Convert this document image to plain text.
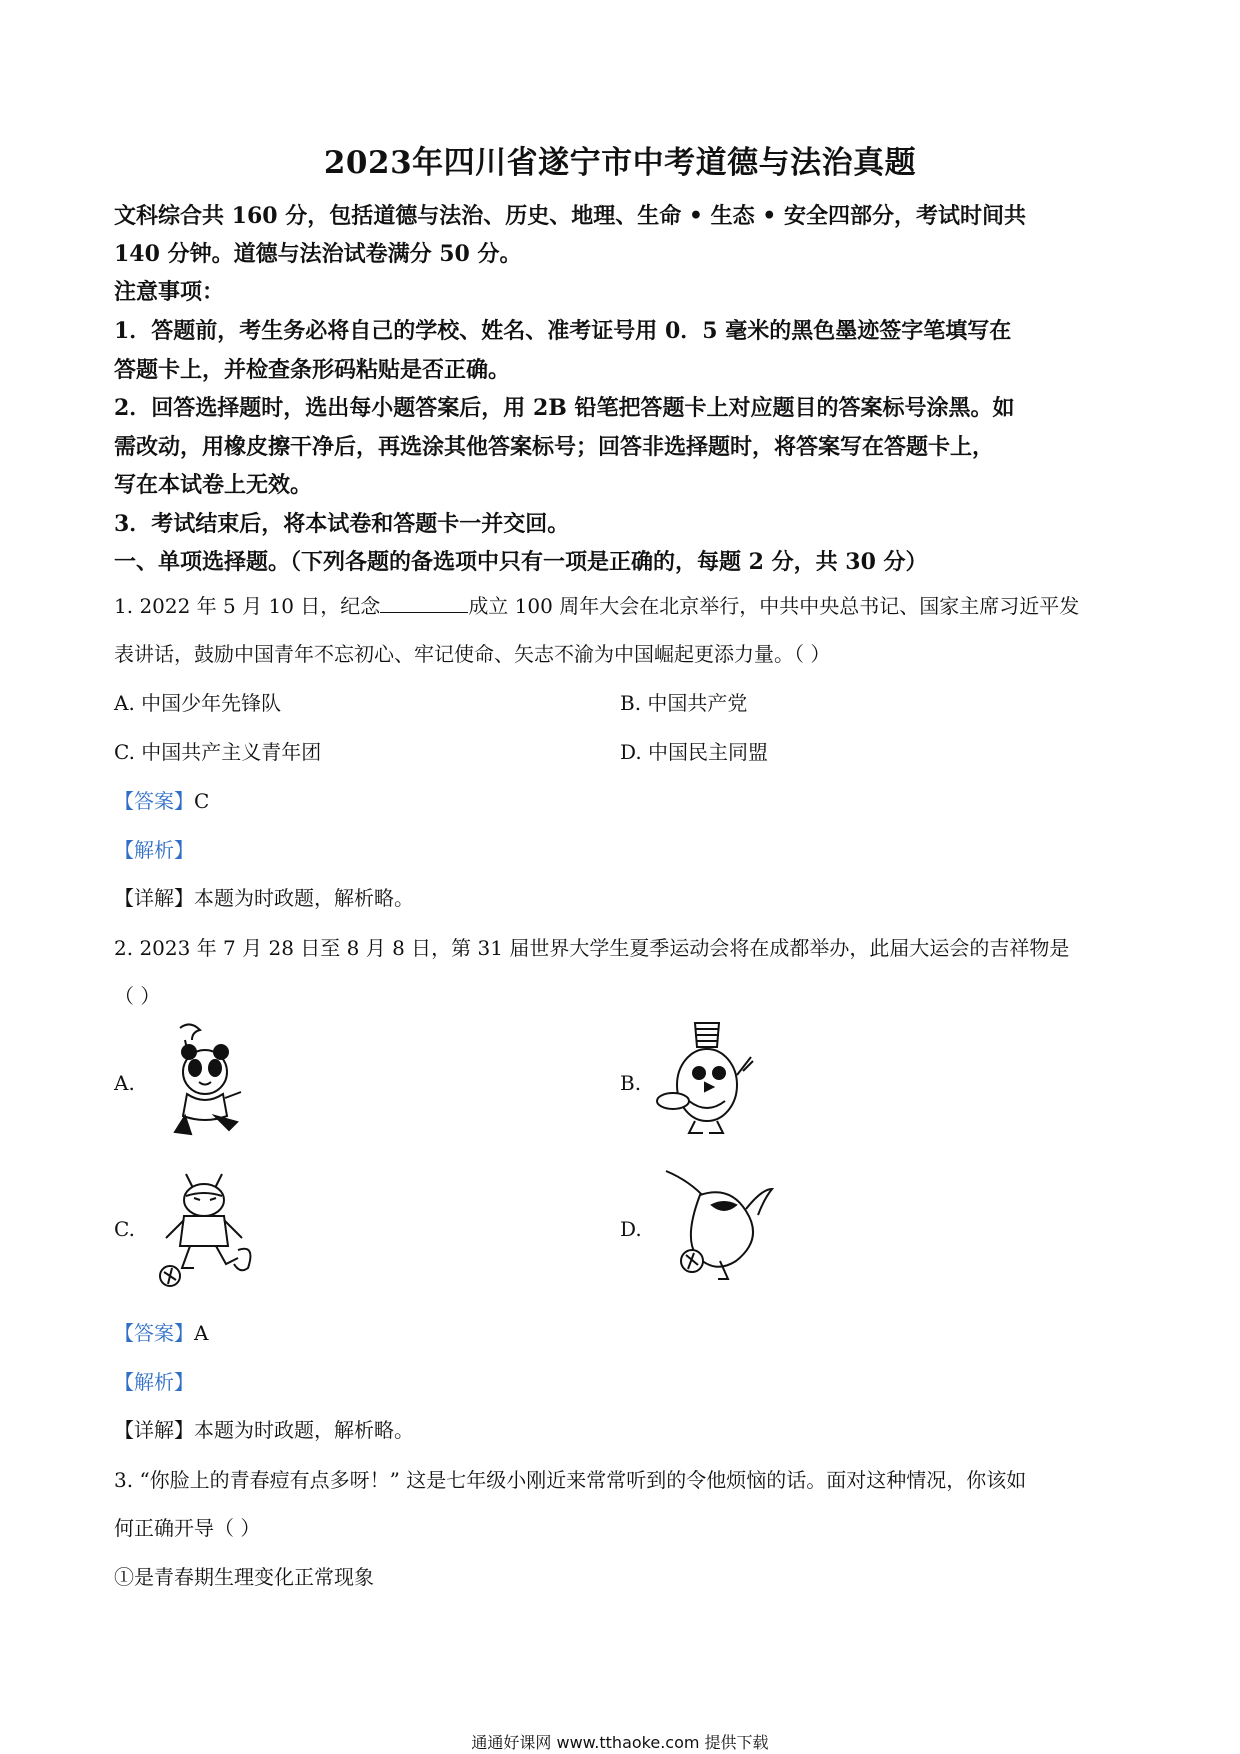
2023年四川省遂宁市中考道德与法治真题
文科综合共 160 分，包括道德与法治、历史、地理、生命 • 生态 • 安全四部分，考试时间共
140 分钟。道德与法治试卷满分 50 分。
注意事项：
1．答题前，考生务必将自己的学校、姓名、准考证号用 0．5 毫米的黑色墨迹签字笔填写在
答题卡上，并检查条形码粘贴是否正确。
2．回答选择题时，选出每小题答案后，用 2B 铅笔把答题卡上对应题目的答案标号涂黑。如
需改动，用橡皮擦干净后，再选涂其他答案标号；回答非选择题时，将答案写在答题卡上，
写在本试卷上无效。
3．考试结束后，将本试卷和答题卡一并交回。
一、单项选择题。（下列各题的备选项中只有一项是正确的，每题 2 分，共 30 分）
1. 2022 年 5 月 10 日，纪念	成立 100 周年大会在北京举行，中共中央总书记、国家主席习近平发
表讲话，鼓励中国青年不忘初心、牢记使命、矢志不渝为中国崛起更添力量。（ ）
A. 中国少年先锋队	B. 中国共产党
C. 中国共产主义青年团	D. 中国民主同盟
【答案】C
【解析】
【详解】本题为时政题，解析略。
2. 2023 年 7 月 28 日至 8 月 8 日，第 31 届世界大学生夏季运动会将在成都举办，此届大运会的吉祥物是
（ ）
A.	B.
C.	D.
【答案】A
【解析】
【详解】本题为时政题，解析略。
3. “你脸上的青春痘有点多呀！” 这是七年级小刚近来常常听到的令他烦恼的话。面对这种情况，你该如
何正确开导（ ）
①是青春期生理变化正常现象
通通好课网 www.tthaoke.com 提供下载
